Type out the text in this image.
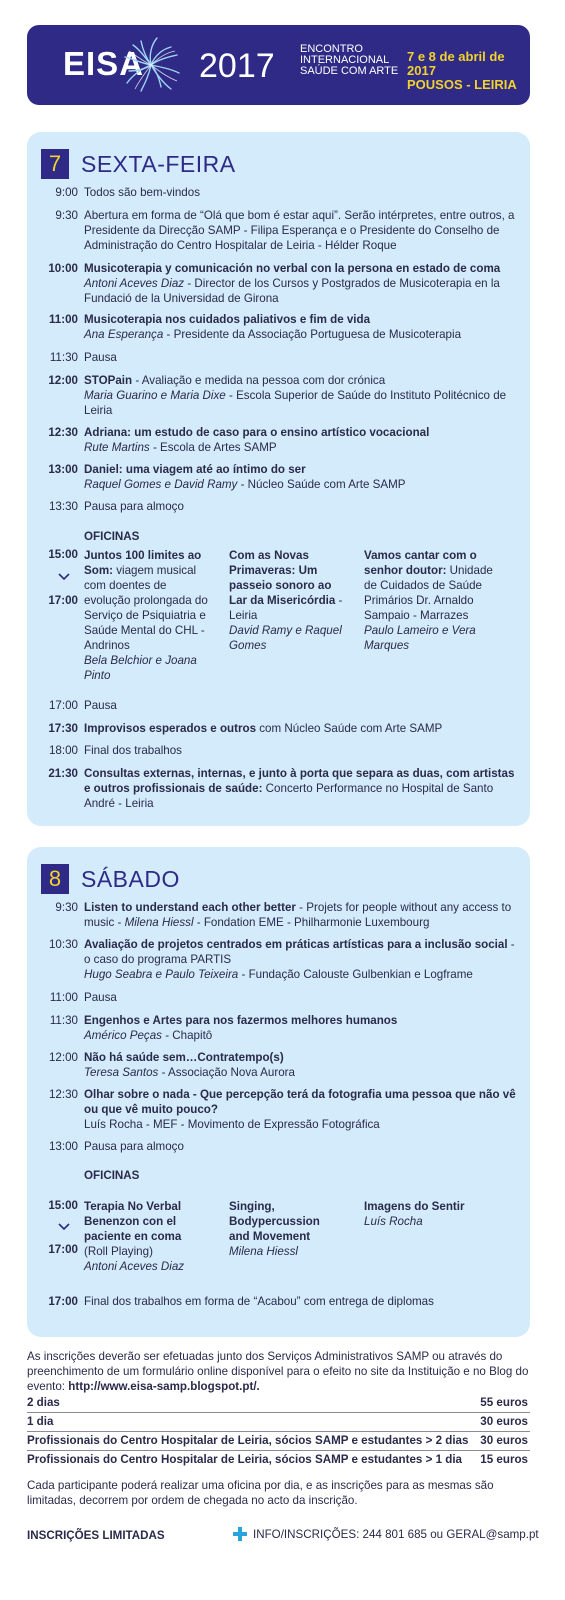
EISA 2017 ENCONTRO
INTERNACIONAL
SAÚDE COM ARTE
7 e 8 de abril de 2017
POUSOS - LEIRIA
7 SEXTA-FEIRA
9:00 Todos são bem-vindos
9:30 Abertura em forma de “Olá que bom é estar aqui”. Serão intérpretes, entre outros, a Presidente da Direcção SAMP - Filipa Esperança e o Presidente do Conselho de Administração do Centro Hospitalar de Leiria - Hélder Roque
10:00 Musicoterapia y comunicación no verbal con la persona en estado de coma
Antoni Aceves Diaz - Director de los Cursos y Postgrados de Musicoterapia en la Fundació de la Universidad de Girona
11:00 Musicoterapia nos cuidados paliativos e fim de vida
Ana Esperança - Presidente da Associação Portuguesa de Musicoterapia
11:30 Pausa
12:00 STOPain - Avaliação e medida na pessoa com dor crónica
Maria Guarino e Maria Dixe - Escola Superior de Saúde do Instituto Politécnico de Leiria
12:30 Adriana: um estudo de caso para o ensino artístico vocacional
Rute Martins - Escola de Artes SAMP
13:00 Daniel: uma viagem até ao íntimo do ser
Raquel Gomes e David Ramy - Núcleo Saúde com Arte SAMP
13:30 Pausa para almoço
OFICINAS
15:00
17:00
Juntos 100 limites ao Som: viagem musical com doentes de evolução prolongada do Serviço de Psiquiatria e Saúde Mental do CHL - Andrinos
Bela Belchior e Joana Pinto
Com as Novas Primaveras: Um passeio sonoro ao Lar da Misericórdia - Leiria
David Ramy e Raquel Gomes
Vamos cantar com o senhor doutor: Unidade de Cuidados de Saúde Primários Dr. Arnaldo Sampaio - Marrazes
Paulo Lameiro e Vera Marques
17:00 Pausa
17:30 Improvisos esperados e outros com Núcleo Saúde com Arte SAMP
18:00 Final dos trabalhos
21:30 Consultas externas, internas, e junto à porta que separa as duas, com artistas e outros profissionais de saúde: Concerto Performance no Hospital de Santo André - Leiria
8 SÁBADO
9:30 Listen to understand each other better - Projets for people without any access to music - Milena Hiessl - Fondation EME - Philharmonie Luxembourg
10:30 Avaliação de projetos centrados em práticas artísticas para a inclusão social - o caso do programa PARTIS
Hugo Seabra e Paulo Teixeira - Fundação Calouste Gulbenkian e Logframe
11:00 Pausa
11:30 Engenhos e Artes para nos fazermos melhores humanos
Américo Peças - Chapitô
12:00 Não há saúde sem…Contratempo(s)
Teresa Santos - Associação Nova Aurora
12:30 Olhar sobre o nada - Que percepção terá da fotografia uma pessoa que não vê ou que vê muito pouco?
Luís Rocha - MEF - Movimento de Expressão Fotográfica
13:00 Pausa para almoço
OFICINAS
15:00
17:00
Terapia No Verbal Benenzon con el paciente en coma
(Roll Playing)
Antoni Aceves Diaz
Singing, Bodypercussion and Movement
Milena Hiessl
Imagens do Sentir
Luís Rocha
17:00 Final dos trabalhos em forma de “Acabou” com entrega de diplomas
As inscrições deverão ser efetuadas junto dos Serviços Administrativos SAMP ou através do preenchimento de um formulário online disponível para o efeito no site da Instituição e no Blog do evento: http://www.eisa-samp.blogspot.pt/.
2 dias	55 euros
1 dia	30 euros
Profissionais do Centro Hospitalar de Leiria, sócios SAMP e estudantes > 2 dias 30 euros
Profissionais do Centro Hospitalar de Leiria, sócios SAMP e estudantes > 1 dia 15 euros
Cada participante poderá realizar uma oficina por dia, e as inscrições para as mesmas são limitadas, decorrem por ordem de chegada no acto da inscrição.
INSCRIÇÕES LIMITADAS	INFO/INSCRIÇÕES: 244 801 685 ou GERAL@samp.pt
